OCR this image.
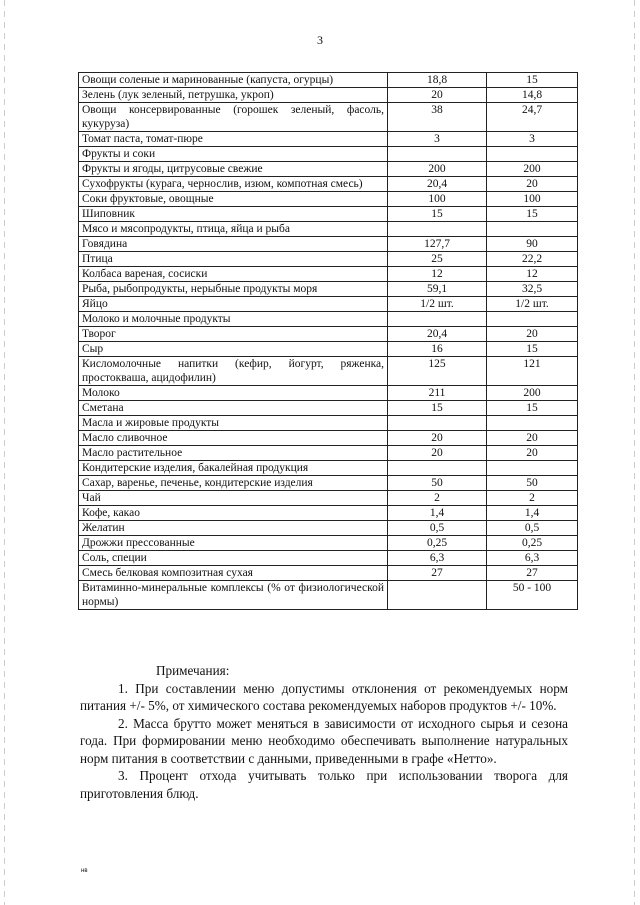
3
Овощи соленые и маринованные (капуста, огурцы)	18,8	15
Зелень (лук зеленый, петрушка, укроп)	20	14,8
Овощи консервированные (горошек зеленый, фасоль, кукуруза)	38	24,7
Томат паста, томат-пюре	3	3
Фрукты и соки		
Фрукты и ягоды, цитрусовые свежие	200	200
Сухофрукты (курага, чернослив, изюм, компотная смесь)	20,4	20
Соки фруктовые, овощные	100	100
Шиповник	15	15
Мясо и мясопродукты, птица, яйца и рыба		
Говядина	127,7	90
Птица	25	22,2
Колбаса вареная, сосиски	12	12
Рыба, рыбопродукты, нерыбные продукты моря	59,1	32,5
Яйцо	1/2 шт.	1/2 шт.
Молоко и молочные продукты		
Творог	20,4	20
Сыр	16	15
Кисломолочные напитки (кефир, йогурт, ряженка, простокваша, ацидофилин)	125	121
Молоко	211	200
Сметана	15	15
Масла и жировые продукты		
Масло сливочное	20	20
Масло растительное	20	20
Кондитерские изделия, бакалейная продукция		
Сахар, варенье, печенье, кондитерские изделия	50	50
Чай	2	2
Кофе, какао	1,4	1,4
Желатин	0,5	0,5
Дрожжи прессованные	0,25	0,25
Соль, специи	6,3	6,3
Смесь белковая композитная сухая	27	27
Витаминно-минеральные комплексы (% от физиологической нормы)		50 - 100

Примечания:

1. При составлении меню допустимы отклонения от рекомендуемых норм питания +/- 5%, от химического состава рекомендуемых наборов продуктов +/- 10%.

2. Масса брутто может меняться в зависимости от исходного сырья и сезона года. При формировании меню необходимо обеспечивать выполнение натуральных норм питания в соответствии с данными, приведенными в графе «Нетто».

3. Процент отхода учитывать только при использовании творога для приготовления блюд.

нв
